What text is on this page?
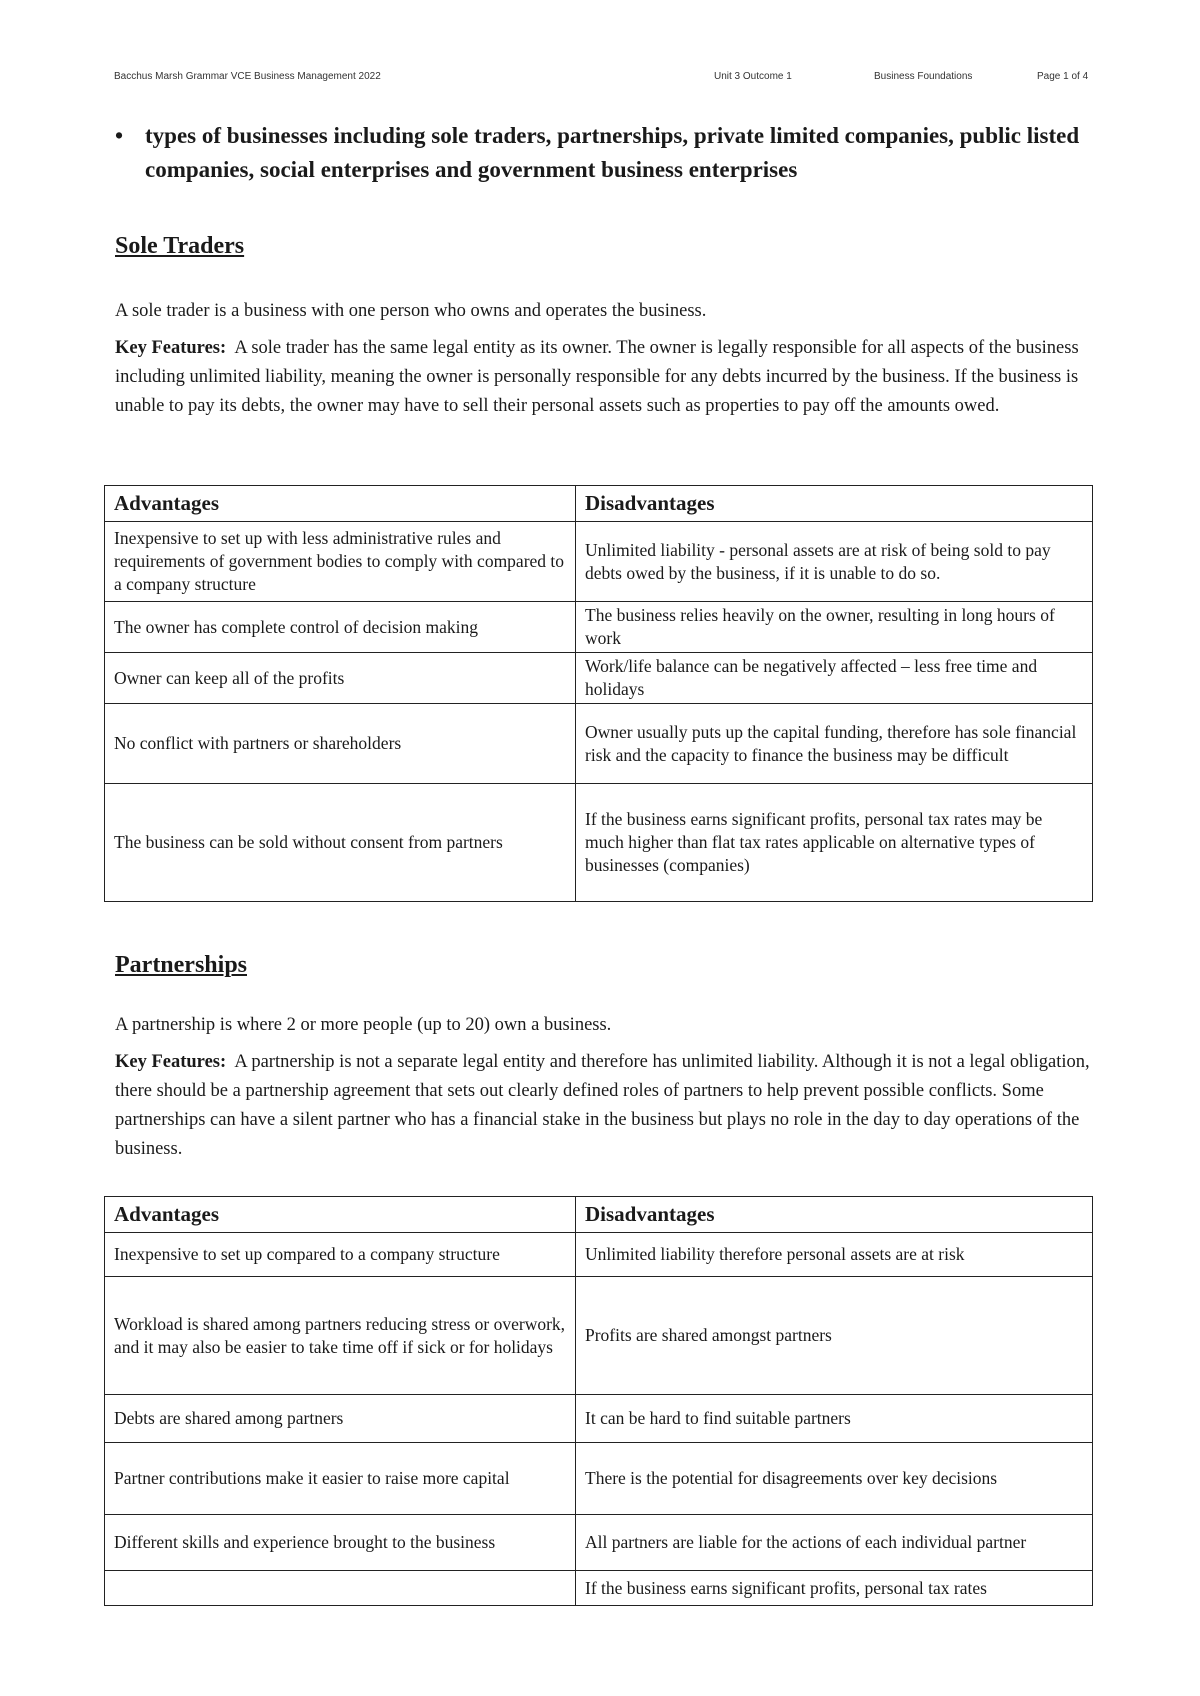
Bacchus Marsh Grammar VCE Business Management 2022	Unit 3 Outcome 1	Business Foundations	Page 1 of 4
• types of businesses including sole traders, partnerships, private limited companies, public listed companies, social enterprises and government business enterprises
Sole Traders

A sole trader is a business with one person who owns and operates the business.

Key Features: A sole trader has the same legal entity as its owner. The owner is legally responsible for all aspects of the business including unlimited liability, meaning the owner is personally responsible for any debts incurred by the business. If the business is unable to pay its debts, the owner may have to sell their personal assets such as properties to pay off the amounts owed.

Advantages	Disadvantages
Inexpensive to set up with less administrative rules and requirements of government bodies to comply with compared to a company structure	Unlimited liability - personal assets are at risk of being sold to pay debts owed by the business, if it is unable to do so.
The owner has complete control of decision making	The business relies heavily on the owner, resulting in long hours of work
Owner can keep all of the profits	Work/life balance can be negatively affected – less free time and holidays
No conflict with partners or shareholders	Owner usually puts up the capital funding, therefore has sole financial risk and the capacity to finance the business may be difficult
The business can be sold without consent from partners	If the business earns significant profits, personal tax rates may be much higher than flat tax rates applicable on alternative types of businesses (companies)
Partnerships

A partnership is where 2 or more people (up to 20) own a business.

Key Features: A partnership is not a separate legal entity and therefore has unlimited liability. Although it is not a legal obligation, there should be a partnership agreement that sets out clearly defined roles of partners to help prevent possible conflicts. Some partnerships can have a silent partner who has a financial stake in the business but plays no role in the day to day operations of the business.

Advantages	Disadvantages
Inexpensive to set up compared to a company structure	Unlimited liability therefore personal assets are at risk
Workload is shared among partners reducing stress or overwork, and it may also be easier to take time off if sick or for holidays	Profits are shared amongst partners
Debts are shared among partners	It can be hard to find suitable partners
Partner contributions make it easier to raise more capital	There is the potential for disagreements over key decisions
Different skills and experience brought to the business	All partners are liable for the actions of each individual partner
	If the business earns significant profits, personal tax rates
